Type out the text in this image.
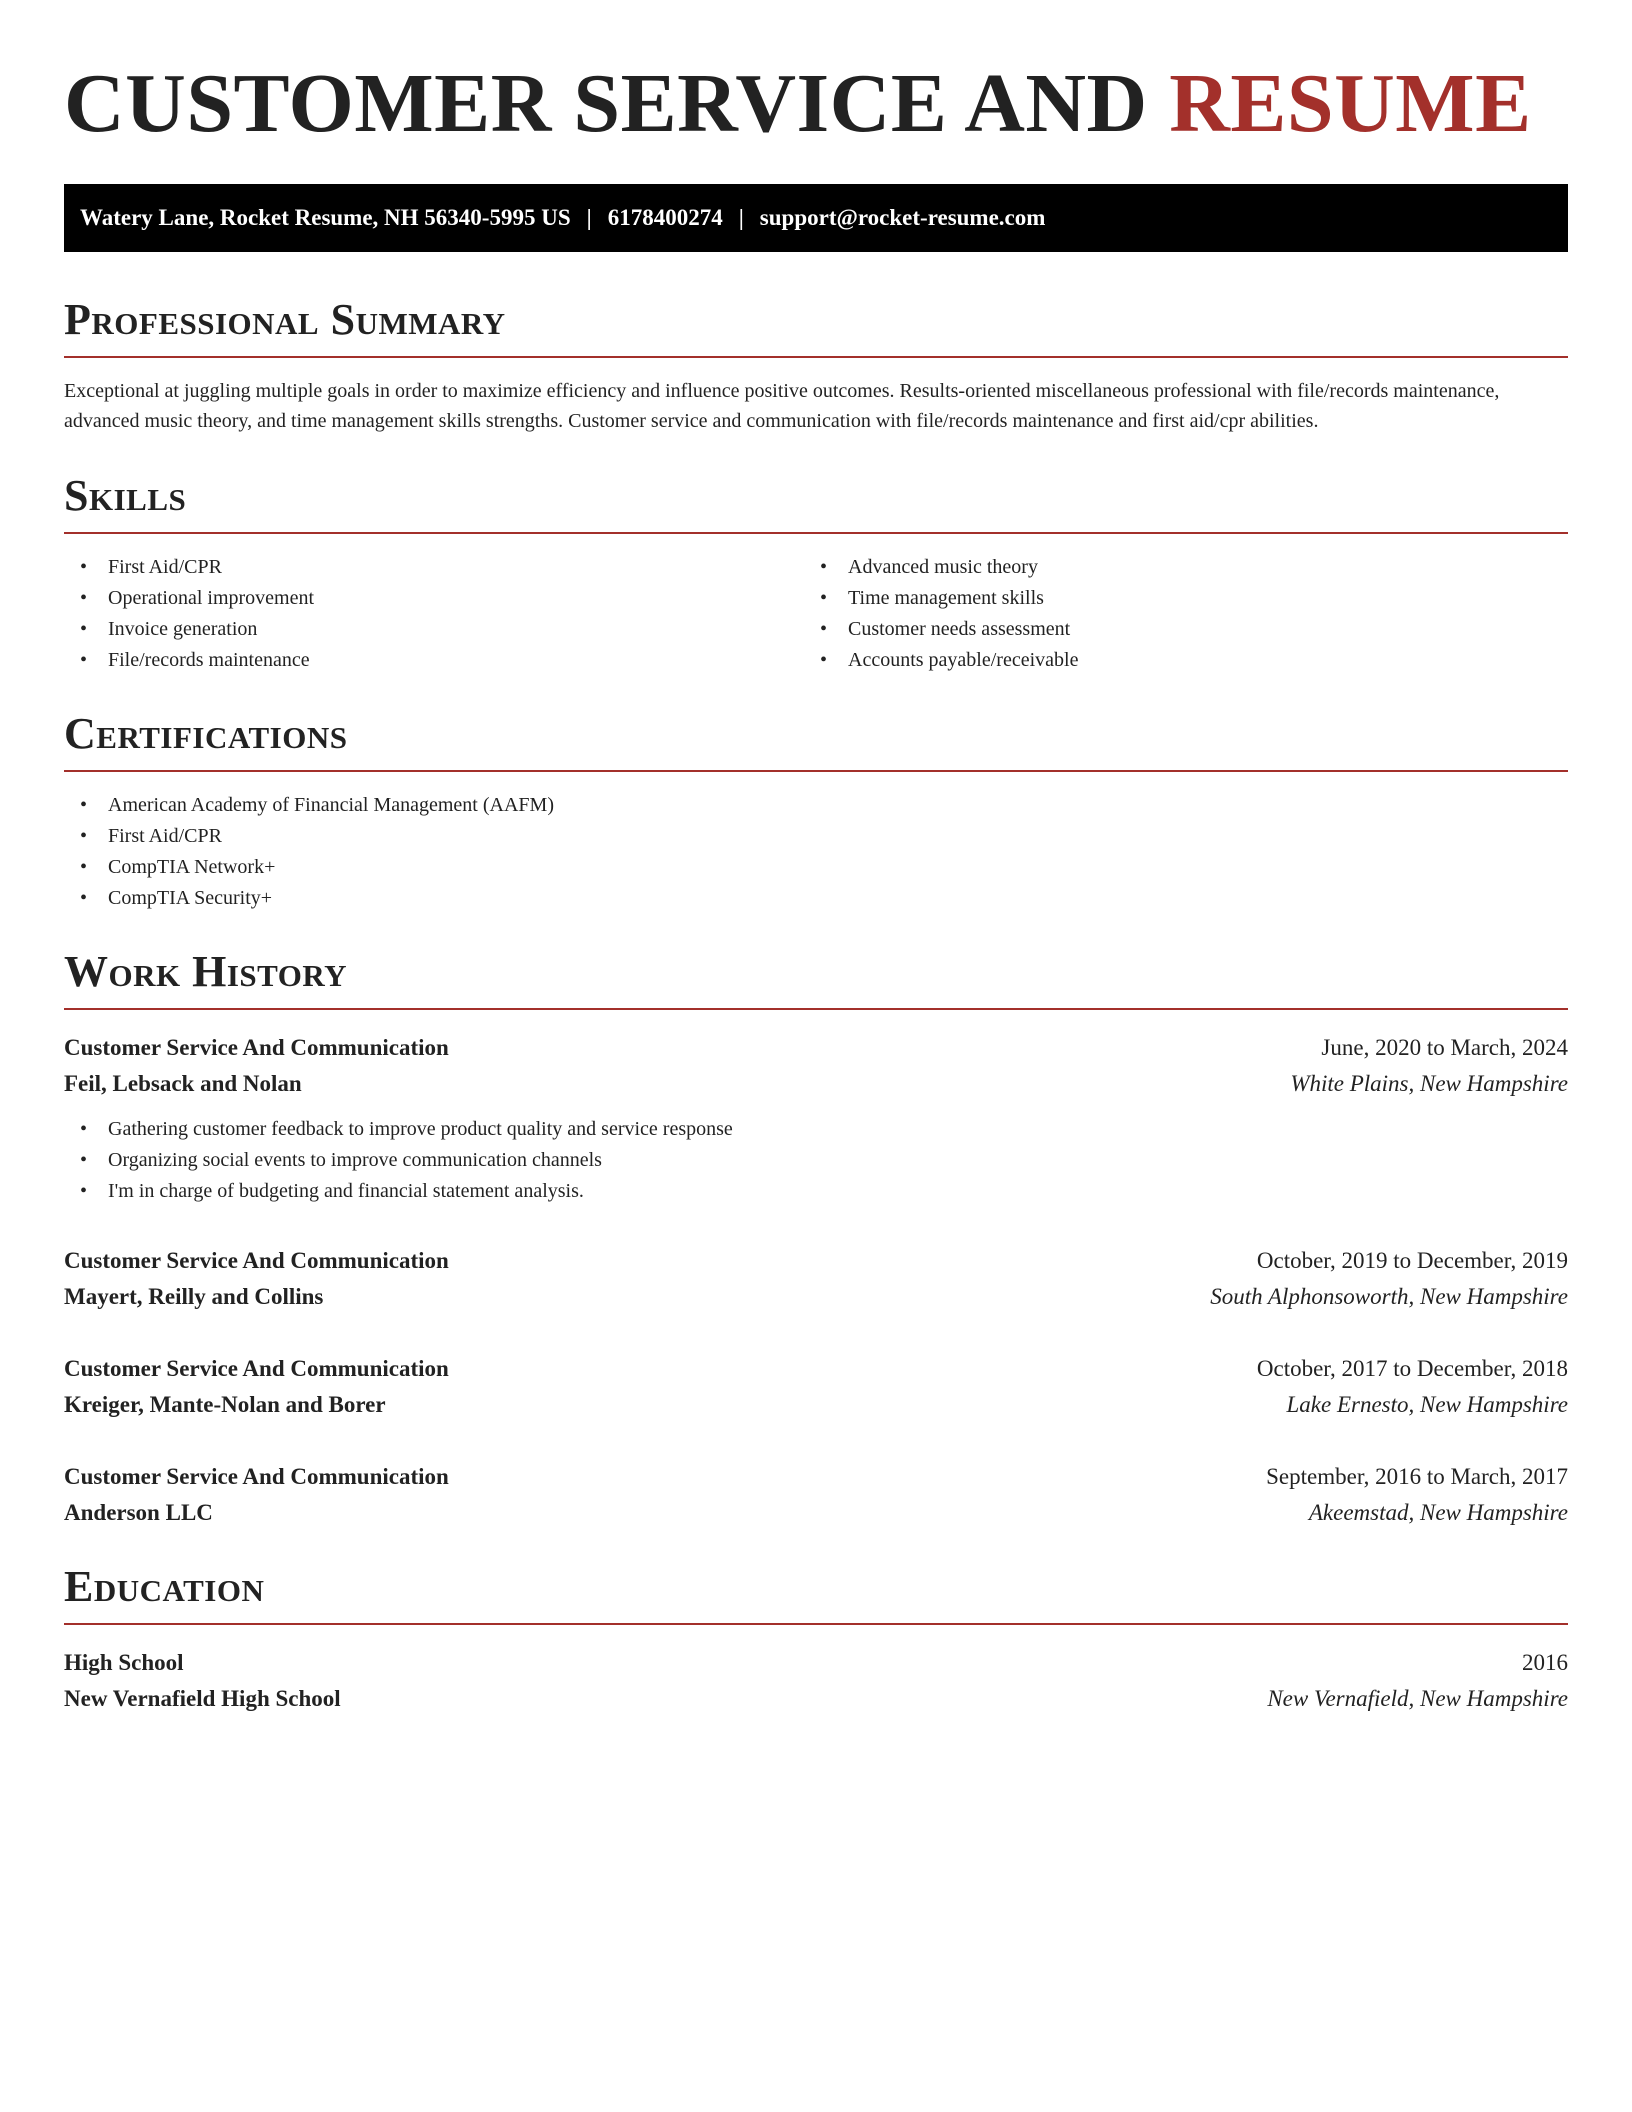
CUSTOMER SERVICE AND RESUME
Watery Lane, Rocket Resume, NH 56340-5995 US | 6178400274 | support@rocket-resume.com
Professional Summary

Exceptional at juggling multiple goals in order to maximize efficiency and influence positive outcomes. Results-oriented miscellaneous professional with file/records maintenance, advanced music theory, and time management skills strengths. Customer service and communication with file/records maintenance and first aid/cpr abilities.

Skills
• First Aid/CPR
• Operational improvement
• Invoice generation
• File/records maintenance
• Advanced music theory
• Time management skills
• Customer needs assessment
• Accounts payable/receivable
Certifications
• American Academy of Financial Management (AAFM)
• First Aid/CPR
• CompTIA Network+
• CompTIA Security+
Work History
Customer Service And Communication	June, 2020 to March, 2024
Feil, Lebsack and Nolan	White Plains, New Hampshire
• Gathering customer feedback to improve product quality and service response
• Organizing social events to improve communication channels
• I'm in charge of budgeting and financial statement analysis.
Customer Service And Communication	October, 2019 to December, 2019
Mayert, Reilly and Collins	South Alphonsoworth, New Hampshire
Customer Service And Communication	October, 2017 to December, 2018
Kreiger, Mante-Nolan and Borer	Lake Ernesto, New Hampshire
Customer Service And Communication	September, 2016 to March, 2017
Anderson LLC	Akeemstad, New Hampshire
Education
High School	2016
New Vernafield High School	New Vernafield, New Hampshire
